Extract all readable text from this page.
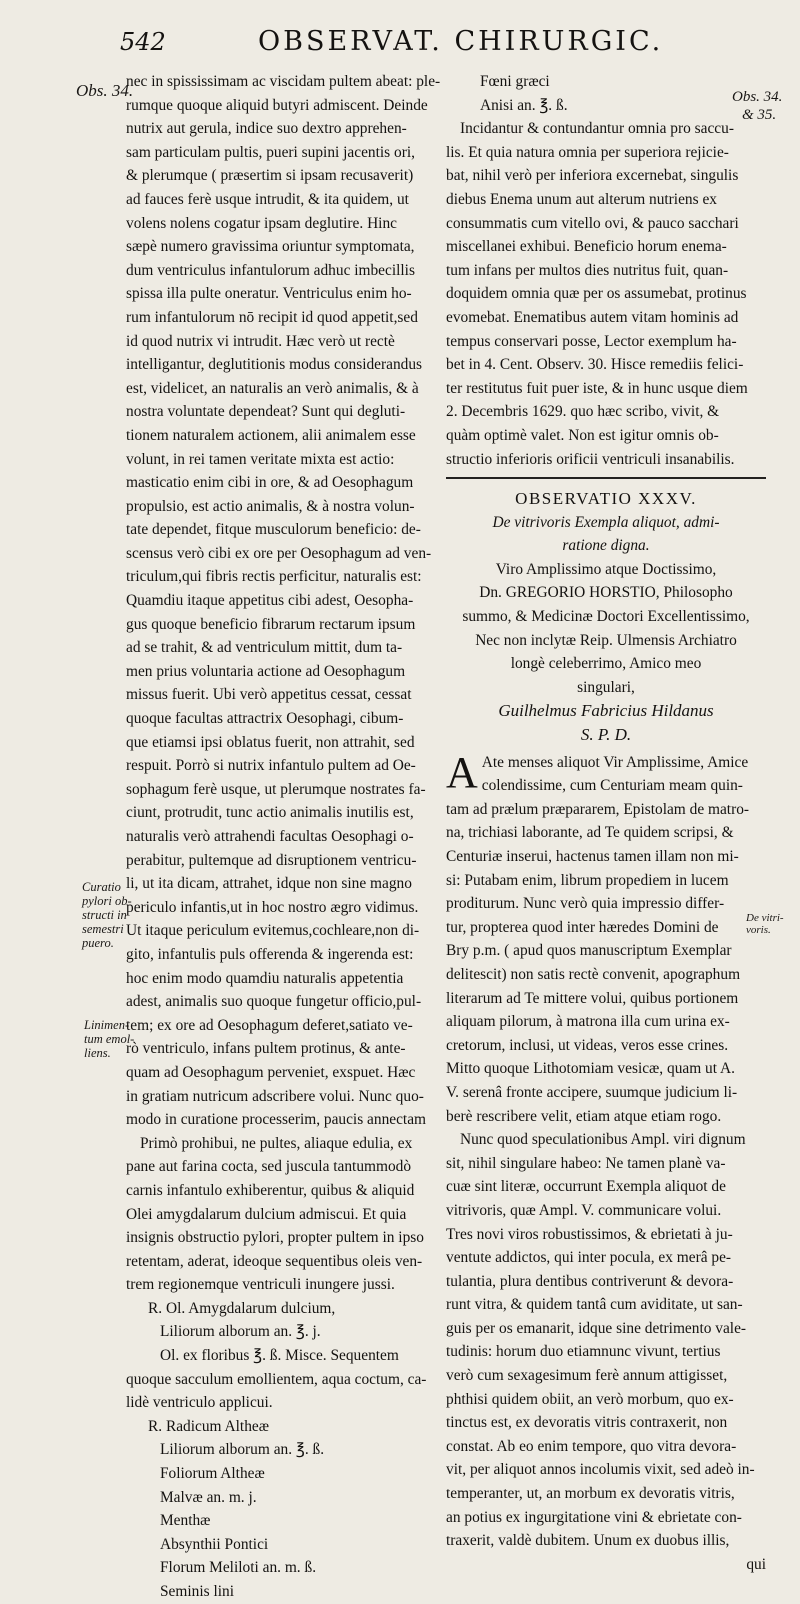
542	OBSERVAT. CHIRURGIC.
Obs. 34.	Obs. 34.
& 35.
Curatio
pylori ob-
structi in
semestri
puero.
Linimen-
tum emol-
liens.
De vitri-
voris.
nec in spississimam ac viscidam pultem abeat: ple-
rumque quoque aliquid butyri admiscent. Deinde
nutrix aut gerula, indice suo dextro apprehen-
sam particulam pultis, pueri supini jacentis ori,
& plerumque ( præsertim si ipsam recusaverit)
ad fauces ferè usque intrudit, & ita quidem, ut
volens nolens cogatur ipsam deglutire. Hinc
sæpè numero gravissima oriuntur symptomata,
dum ventriculus infantulorum adhuc imbecillis
spissa illa pulte oneratur. Ventriculus enim ho-
rum infantulorum nō recipit id quod appetit,sed
id quod nutrix vi intrudit. Hæc verò ut rectè
intelligantur, deglutitionis modus considerandus
est, videlicet, an naturalis an verò animalis, & à
nostra voluntate dependeat? Sunt qui degluti-
tionem naturalem actionem, alii animalem esse
volunt, in rei tamen veritate mixta est actio:
masticatio enim cibi in ore, & ad Oesophagum
propulsio, est actio animalis, & à nostra volun-
tate dependet, fitque musculorum beneficio: de-
scensus verò cibi ex ore per Oesophagum ad ven-
triculum,qui fibris rectis perficitur, naturalis est:
Quamdiu itaque appetitus cibi adest, Oesopha-
gus quoque beneficio fibrarum rectarum ipsum
ad se trahit, & ad ventriculum mittit, dum ta-
men prius voluntaria actione ad Oesophagum
missus fuerit. Ubi verò appetitus cessat, cessat
quoque facultas attractrix Oesophagi, cibum-
que etiamsi ipsi oblatus fuerit, non attrahit, sed
respuit. Porrò si nutrix infantulo pultem ad Oe-
sophagum ferè usque, ut plerumque nostrates fa-
ciunt, protrudit, tunc actio animalis inutilis est,
naturalis verò attrahendi facultas Oesophagi o-
perabitur, pultemque ad disruptionem ventricu-
li, ut ita dicam, attrahet, idque non sine magno
periculo infantis,ut in hoc nostro ægro vidimus.
Ut itaque periculum evitemus,cochleare,non di-
gito, infantulis puls offerenda & ingerenda est:
hoc enim modo quamdiu naturalis appetentia
adest, animalis suo quoque fungetur officio,pul-
tem; ex ore ad Oesophagum deferet,satiato ve-
rò ventriculo, infans pultem protinus, & ante-
quam ad Oesophagum perveniet, exspuet. Hæc
in gratiam nutricum adscribere volui. Nunc quo-
modo in curatione processerim, paucis annectam
Primò prohibui, ne pultes, aliaque edulia, ex
pane aut farina cocta, sed jusculа tantummodò
carnis infantulo exhiberentur, quibus & aliquid
Olei amygdalarum dulcium admiscui. Et quia
insignis obstructio pylori, propter pultem in ipso
retentam, aderat, ideoque sequentibus oleis ven-
trem regionemque ventriculi inungere jussi.
R. Ol. Amygdalarum dulcium,
Liliorum alborum an. ℥. j.
Ol. ex floribus ℥. ß. Misce. Sequentem
quoque sacculum emollientem, aqua coctum, ca-
lidè ventriculo applicui.
R. Radicum Altheæ
Liliorum alborum an. ℥. ß.
Foliorum Altheæ
Malvæ an. m. j.
Menthæ
Absynthii Pontici
Florum Meliloti an. m. ß.
Seminis lini
Fœni græci
Anisi an. ℥. ß.
Incidantur & contundantur omnia pro saccu-
lis. Et quia natura omnia per superiora rejicie-
bat, nihil verò per inferiora excernebat, singulis
diebus Enema unum aut alterum nutriens ex
consummatis cum vitello ovi, & pauco sacchari
miscellanei exhibui. Beneficio horum enema-
tum infans per multos dies nutritus fuit, quan-
doquidem omnia quæ per os assumebat, protinus
evomebat. Enematibus autem vitam hominis ad
tempus conservari posse, Lector exemplum ha-
bet in 4. Cent. Observ. 30. Hisce remediis felici-
ter restitutus fuit puer iste, & in hunc usque diem
2. Decembris 1629. quo hæc scribo, vivit, &
quàm optimè valet. Non est igitur omnis ob-
structio inferioris orificii ventriculi insanabilis.
OBSERVATIO XXXV.
De vitrivoris Exempla aliquot, admi-
ratione digna.
Viro Amplissimo atque Doctissimo,
Dn. GREGORIO HORSTIO, Philosopho
summo, & Medicinæ Doctori Excellentissimo,
Nec non inclytæ Reip. Ulmensis Archiatro
longè celeberrimo, Amico meo
singulari,
Guilhelmus Fabricius Hildanus
S. P. D.
A Ate menses aliquot Vir Amplissime, Amice
colendissime, cum Centuriam meam quin-
tam ad prælum præpararem, Epistolam de matro-
na, trichiasi laborante, ad Te quidem scripsi, &
Centuriæ inserui, hactenus tamen illam non mi-
si: Putabam enim, librum propediem in lucem
proditurum. Nunc verò quia impressio differ-
tur, propterea quod inter hæredes Domini de
Bry p.m. ( apud quos manuscriptum Exemplar
delitescit) non satis rectè convenit, apographum
literarum ad Te mittere volui, quibus portionem
aliquam pilorum, à matrona illa cum urina ex-
cretorum, inclusi, ut videas, veros esse crines.
Mitto quoque Lithotomiam vesicæ, quam ut A.
V. serenâ fronte accipere, suumque judicium li-
berè rescribere velit, etiam atque etiam rogo.
Nunc quod speculationibus Ampl. viri dignum
sit, nihil singulare habeo: Ne tamen planè va-
cuæ sint literæ, occurrunt Exempla aliquot de
vitrivoris, quæ Ampl. V. communicare volui.
Tres novi viros robustissimos, & ebrietati à ju-
ventute addictos, qui inter pocula, ex merâ pe-
tulantia, plura dentibus contriverunt & devora-
runt vitra, & quidem tantâ cum aviditate, ut san-
guis per os emanarit, idque sine detrimento vale-
tudinis: horum duo etiamnunc vivunt, tertius
verò cum sexagesimum ferè annum attigisset,
phthisi quidem obiit, an verò morbum, quo ex-
tinctus est, ex devoratis vitris contraxerit, non
constat. Ab eo enim tempore, quo vitra devora-
vit, per aliquot annos incolumis vixit, sed adeò in-
temperanter, ut, an morbum ex devoratis vitris,
an potius ex ingurgitatione vini & ebrietate con-
traxerit, valdè dubitem. Unum ex duobus illis,
qui
